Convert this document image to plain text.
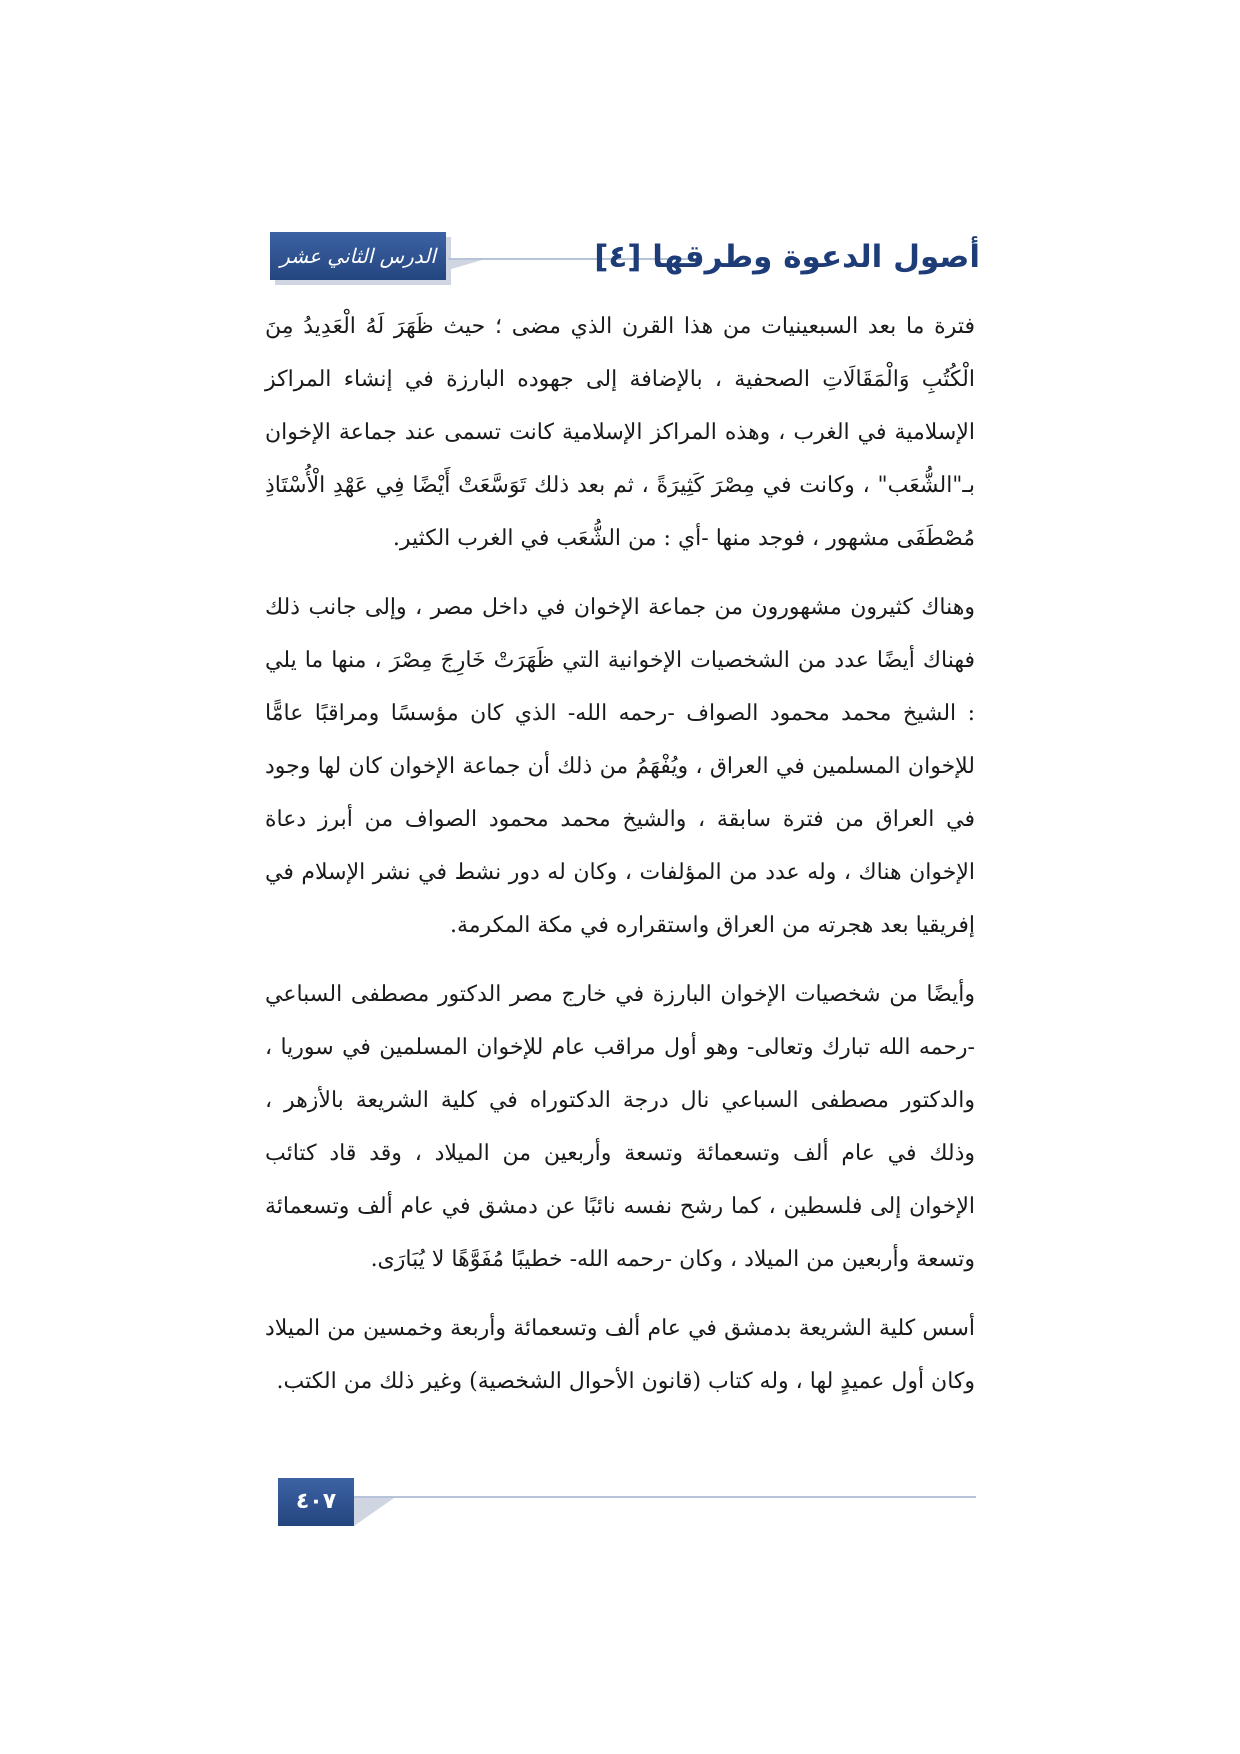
الدرس الثاني عشر	أصول الدعوة وطرقها [٤]

فترة ما بعد السبعينيات من هذا القرن الذي مضى ؛ حيث ظَهَرَ لَهُ الْعَدِيدُ مِنَ الْكُتُبِ وَالْمَقَالَاتِ الصحفية ، بالإضافة إلى جهوده البارزة في إنشاء المراكز الإسلامية في الغرب ، وهذه المراكز الإسلامية كانت تسمى عند جماعة الإخوان بـ"الشُّعَب" ، وكانت في مِصْرَ كَثِيرَةً ، ثم بعد ذلك تَوَسَّعَتْ أَيْضًا فِي عَهْدِ الْأُسْتَاذِ مُصْطَفَى مشهور ، فوجد منها -أي : من الشُّعَب في الغرب الكثير.

وهناك كثيرون مشهورون من جماعة الإخوان في داخل مصر ، وإلى جانب ذلك فهناك أيضًا عدد من الشخصيات الإخوانية التي ظَهَرَتْ خَارِجَ مِصْرَ ، منها ما يلي : الشيخ محمد محمود الصواف -رحمه الله- الذي كان مؤسسًا ومراقبًا عامًّا للإخوان المسلمين في العراق ، ويُفْهَمُ من ذلك أن جماعة الإخوان كان لها وجود في العراق من فترة سابقة ، والشيخ محمد محمود الصواف من أبرز دعاة الإخوان هناك ، وله عدد من المؤلفات ، وكان له دور نشط في نشر الإسلام في إفريقيا بعد هجرته من العراق واستقراره في مكة المكرمة.

وأيضًا من شخصيات الإخوان البارزة في خارج مصر الدكتور مصطفى السباعي -رحمه الله تبارك وتعالى- وهو أول مراقب عام للإخوان المسلمين في سوريا ، والدكتور مصطفى السباعي نال درجة الدكتوراه في كلية الشريعة بالأزهر ، وذلك في عام ألف وتسعمائة وتسعة وأربعين من الميلاد ، وقد قاد كتائب الإخوان إلى فلسطين ، كما رشح نفسه نائبًا عن دمشق في عام ألف وتسعمائة وتسعة وأربعين من الميلاد ، وكان -رحمه الله- خطيبًا مُفَوَّهًا لا يُبَارَى.

أسس كلية الشريعة بدمشق في عام ألف وتسعمائة وأربعة وخمسين من الميلاد وكان أول عميدٍ لها ، وله كتاب (قانون الأحوال الشخصية) وغير ذلك من الكتب.

٤٠٧
